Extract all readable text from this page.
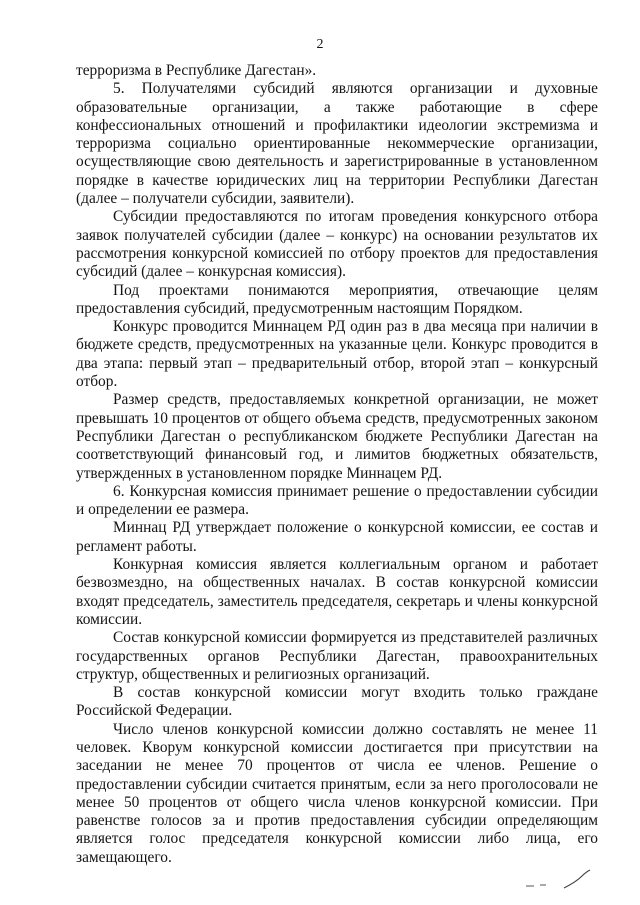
2

терроризма в Республике Дагестан».

5. Получателями субсидий являются организации и духовные образовательные организации, а также работающие в сфере конфессиональных отношений и профилактики идеологии экстремизма и терроризма социально ориентированные некоммерческие организации, осуществляющие свою деятельность и зарегистрированные в установленном порядке в качестве юридических лиц на территории Республики Дагестан (далее – получатели субсидии, заявители).

Субсидии предоставляются по итогам проведения конкурсного отбора заявок получателей субсидии (далее – конкурс) на основании результатов их рассмотрения конкурсной комиссией по отбору проектов для предоставления субсидий (далее – конкурсная комиссия).

Под проектами понимаются мероприятия, отвечающие целям предоставления субсидий, предусмотренным настоящим Порядком.

Конкурс проводится Миннацем РД один раз в два месяца при наличии в бюджете средств, предусмотренных на указанные цели. Конкурс проводится в два этапа: первый этап – предварительный отбор, второй этап – конкурсный отбор.

Размер средств, предоставляемых конкретной организации, не может превышать 10 процентов от общего объема средств, предусмотренных законом Республики Дагестан о республиканском бюджете Республики Дагестан на соответствующий финансовый год, и лимитов бюджетных обязательств, утвержденных в установленном порядке Миннацем РД.

6. Конкурсная комиссия принимает решение о предоставлении субсидии и определении ее размера.

Миннац РД утверждает положение о конкурсной комиссии, ее состав и регламент работы.

Конкурная комиссия является коллегиальным органом и работает безвозмездно, на общественных началах. В состав конкурсной комиссии входят председатель, заместитель председателя, секретарь и члены конкурсной комиссии.

Состав конкурсной комиссии формируется из представителей различных государственных органов Республики Дагестан, правоохранительных структур, общественных и религиозных организаций.

В состав конкурсной комиссии могут входить только граждане Российской Федерации.

Число членов конкурсной комиссии должно составлять не менее 11 человек. Кворум конкурсной комиссии достигается при присутствии на заседании не менее 70 процентов от числа ее членов. Решение о предоставлении субсидии считается принятым, если за него проголосовали не менее 50 процентов от общего числа членов конкурсной комиссии. При равенстве голосов за и против предоставления субсидии определяющим является голос председателя конкурсной комиссии либо лица, его замещающего.
